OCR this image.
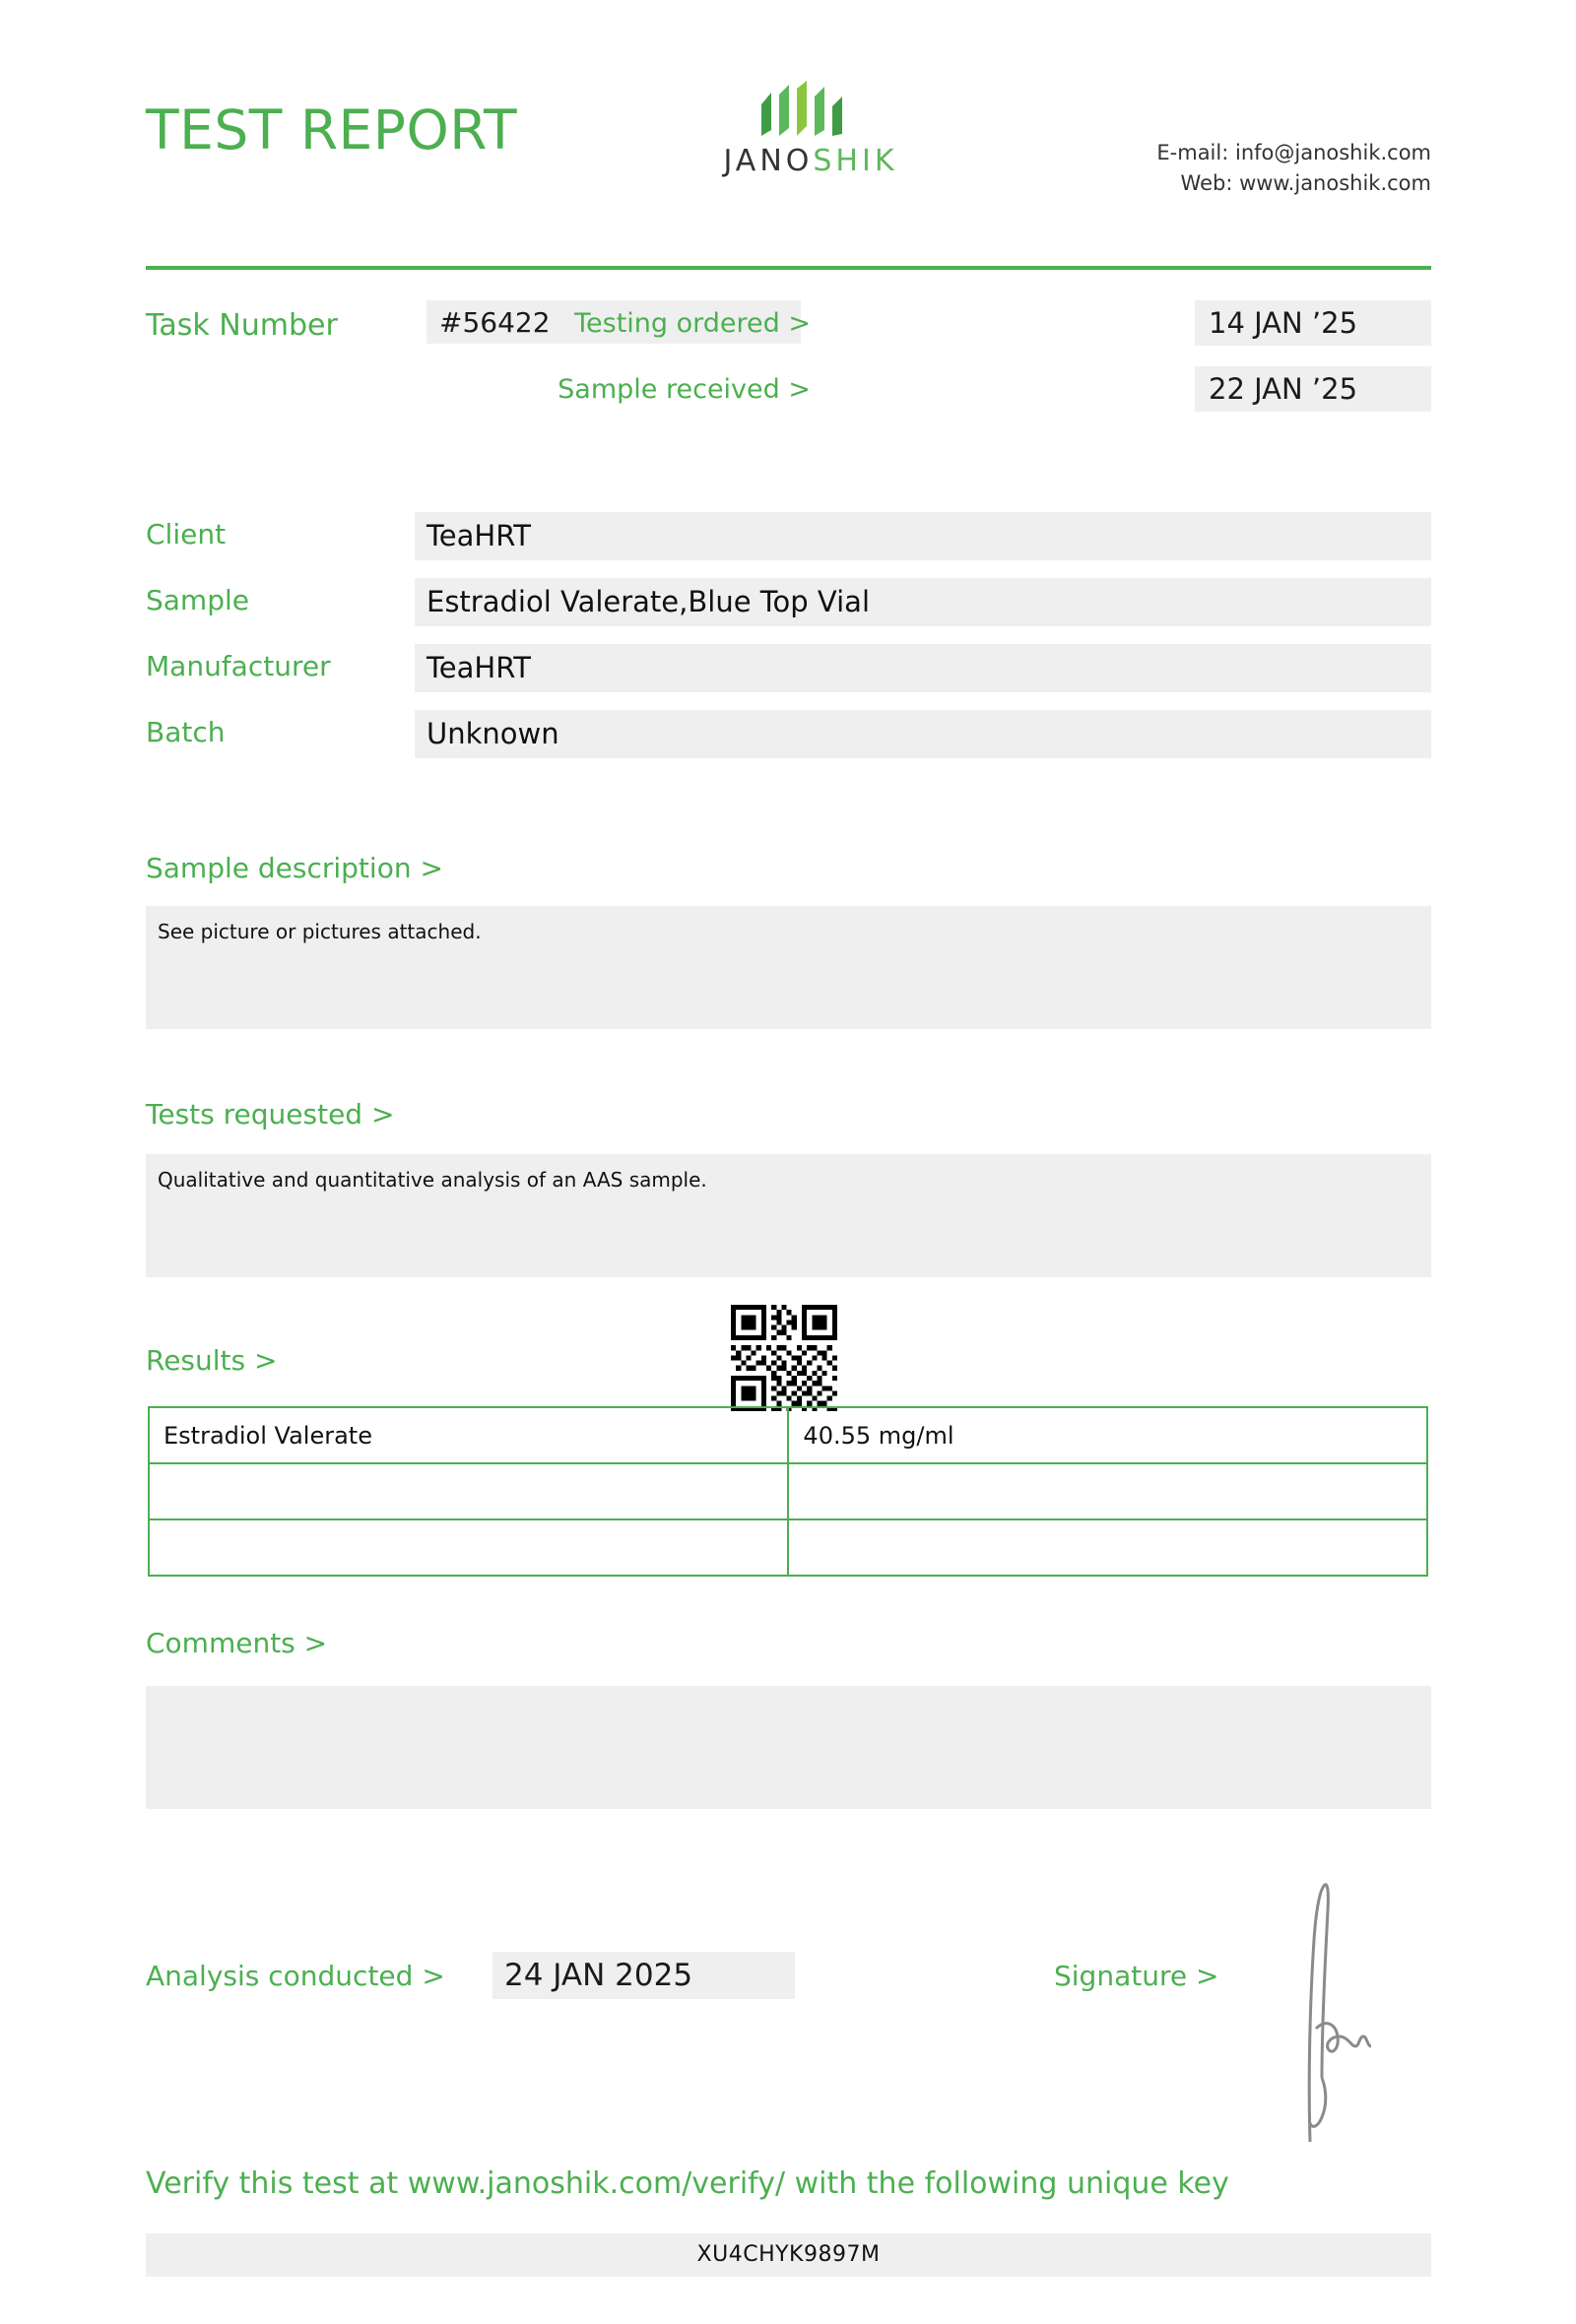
TEST REPORT	JANOSHIK	E-mail: info@janoshik.com
Web: www.janoshik.com
Task Number	#56422 Testing ordered >	14 JAN ’25
Sample received >	22 JAN ’25
Client	TeaHRT
Sample	Estradiol Valerate,Blue Top Vial
Manufacturer	TeaHRT
Batch	Unknown
Sample description >
See picture or pictures attached.
Tests requested >
Qualitative and quantitative analysis of an AAS sample.
Results >
Estradiol Valerate	40.55 mg/ml

Comments >
Analysis conducted >	24 JAN 2025	Signature >
Verify this test at www.janoshik.com/verify/ with the following unique key
XU4CHYK9897M
